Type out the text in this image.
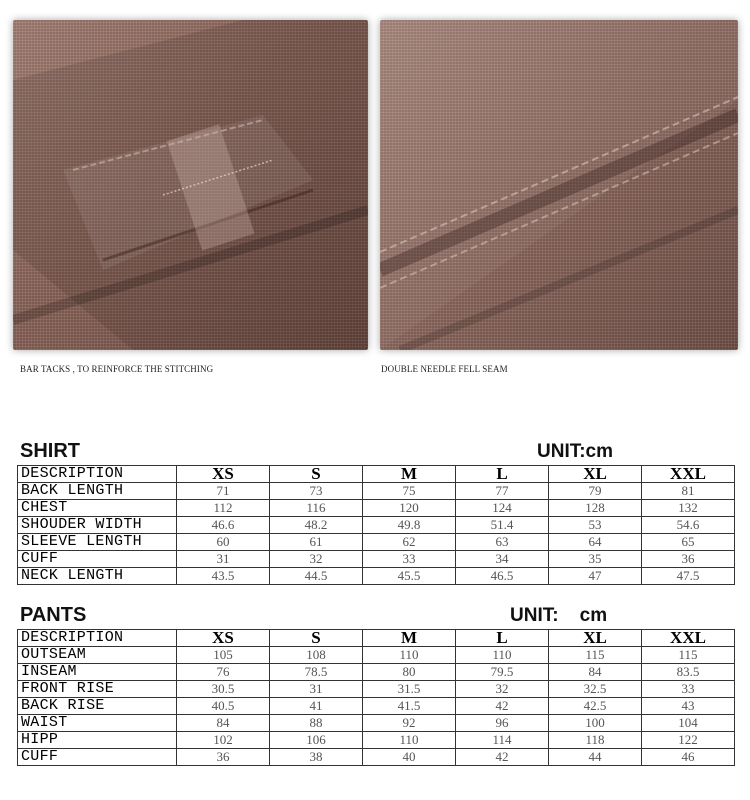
BAR TACKS , TO REINFORCE THE STITCHING	DOUBLE NEEDLE FELL SEAM
SHIRT	UNIT:cm
DESCRIPTION	XS	S	M	L	XL	XXL
BACK LENGTH	71	73	75	77	79	81
CHEST	112	116	120	124	128	132
SHOUDER WIDTH	46.6	48.2	49.8	51.4	53	54.6
SLEEVE LENGTH	60	61	62	63	64	65
CUFF	31	32	33	34	35	36
NECK LENGTH	43.5	44.5	45.5	46.5	47	47.5
PANTS	UNIT:    cm
DESCRIPTION	XS	S	M	L	XL	XXL
OUTSEAM	105	108	110	110	115	115
INSEAM	76	78.5	80	79.5	84	83.5
FRONT RISE	30.5	31	31.5	32	32.5	33
BACK RISE	40.5	41	41.5	42	42.5	43
WAIST	84	88	92	96	100	104
HIPP	102	106	110	114	118	122
CUFF	36	38	40	42	44	46
